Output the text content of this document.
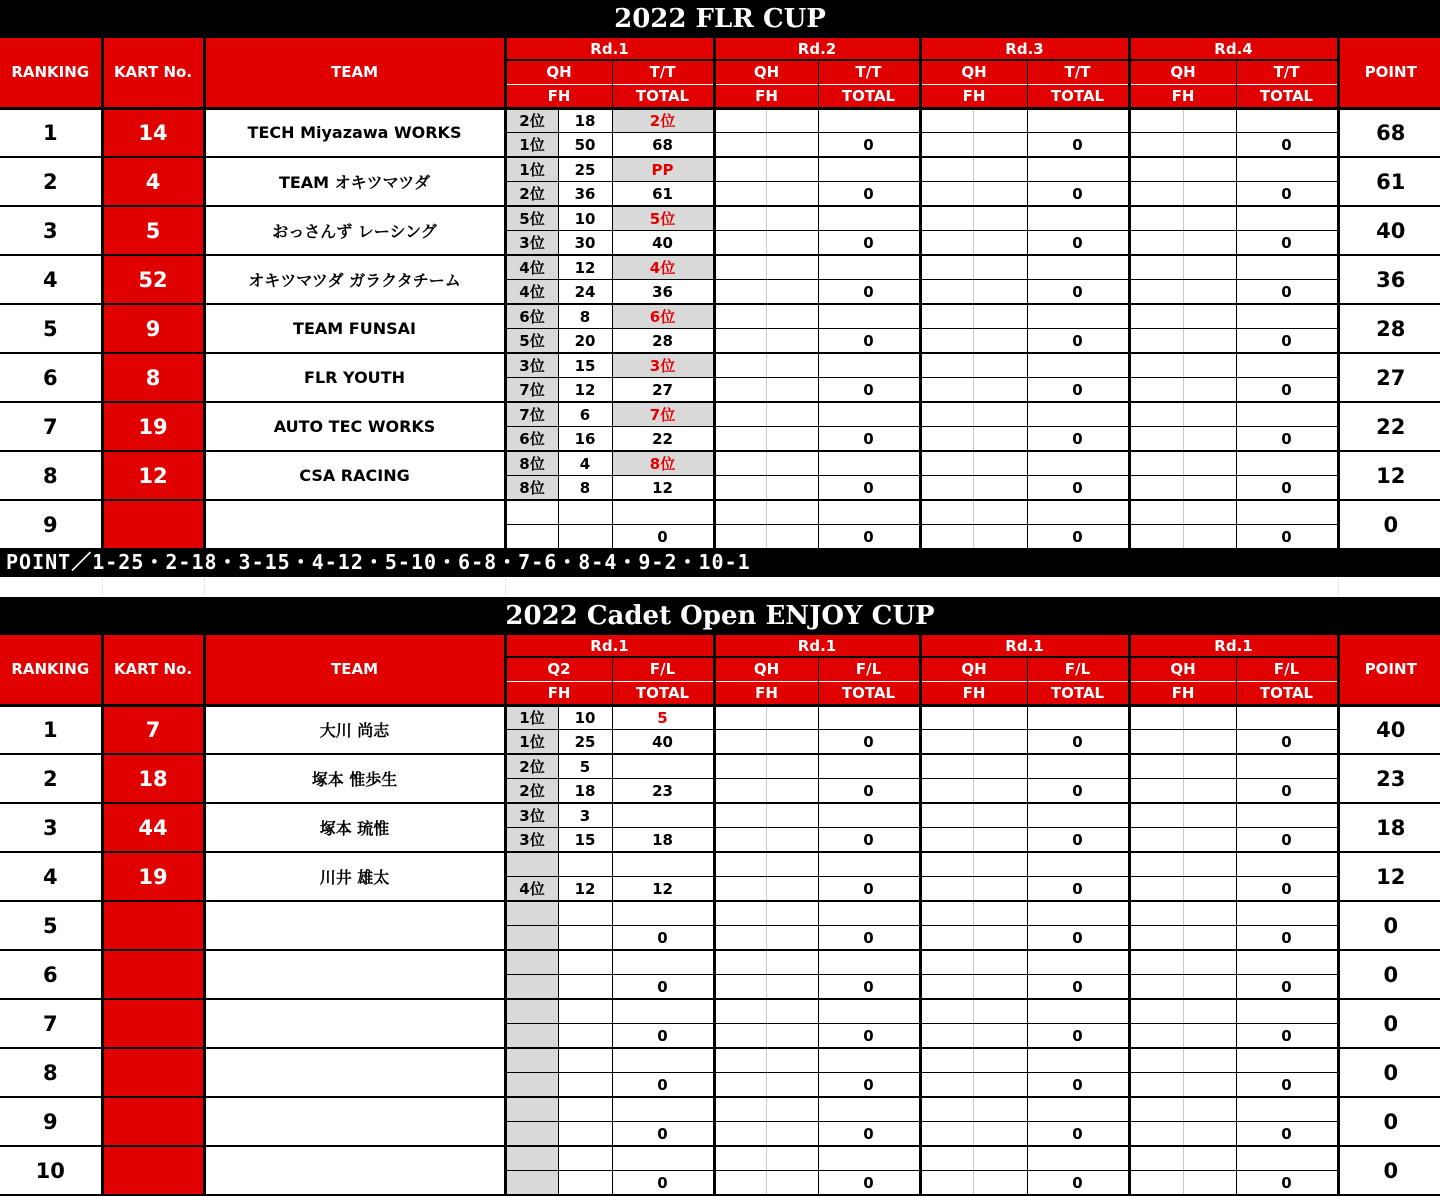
2022 FLR CUP
RANKING	KART No.	TEAM	Rd.1			Rd.2			Rd.3			Rd.4			POINT
			QH		T/T	QH		T/T	QH		T/T	QH		T/T	
			FH		TOTAL	FH		TOTAL	FH		TOTAL	FH		TOTAL	
1	14	TECH Miyazawa WORKS	2位	18	2位										68
			1位	50	68			0			0			0	
2	4	TEAM オキツマツダ	1位	25	PP										61
			2位	36	61			0			0			0	
3	5	おっさんず レーシング	5位	10	5位										40
			3位	30	40			0			0			0	
4	52	オキツマツダ ガラクタチーム	4位	12	4位										36
			4位	24	36			0			0			0	
5	9	TEAM FUNSAI	6位	8	6位										28
			5位	20	28			0			0			0	
6	8	FLR YOUTH	3位	15	3位										27
			7位	12	27			0			0			0	
7	19	AUTO TEC WORKS	7位	6	7位										22
			6位	16	22			0			0			0	
8	12	CSA RACING	8位	4	8位										12
			8位	8	12			0			0			0	
9															0
					0			0			0			0	
POINT／1-25・2-18・3-15・4-12・5-10・6-8・7-6・8-4・9-2・10-1
2022 Cadet Open ENJOY CUP
RANKING	KART No.	TEAM	Rd.1			Rd.1			Rd.1			Rd.1			POINT
			Q2		F/L	QH		F/L	QH		F/L	QH		F/L	
			FH		TOTAL	FH		TOTAL	FH		TOTAL	FH		TOTAL	
1	7	大川 尚志	1位	10	5										40
			1位	25	40			0			0			0	
2	18	塚本 惟歩生	2位	5											23
			2位	18	23			0			0			0	
3	44	塚本 琉惟	3位	3											18
			3位	15	18			0			0			0	
4	19	川井 雄太													12
			4位	12	12			0			0			0	
5															0
					0			0			0			0	
6															0
					0			0			0			0	
7															0
					0			0			0			0	
8															0
					0			0			0			0	
9															0
					0			0			0			0	
10															0
					0			0			0			0	
